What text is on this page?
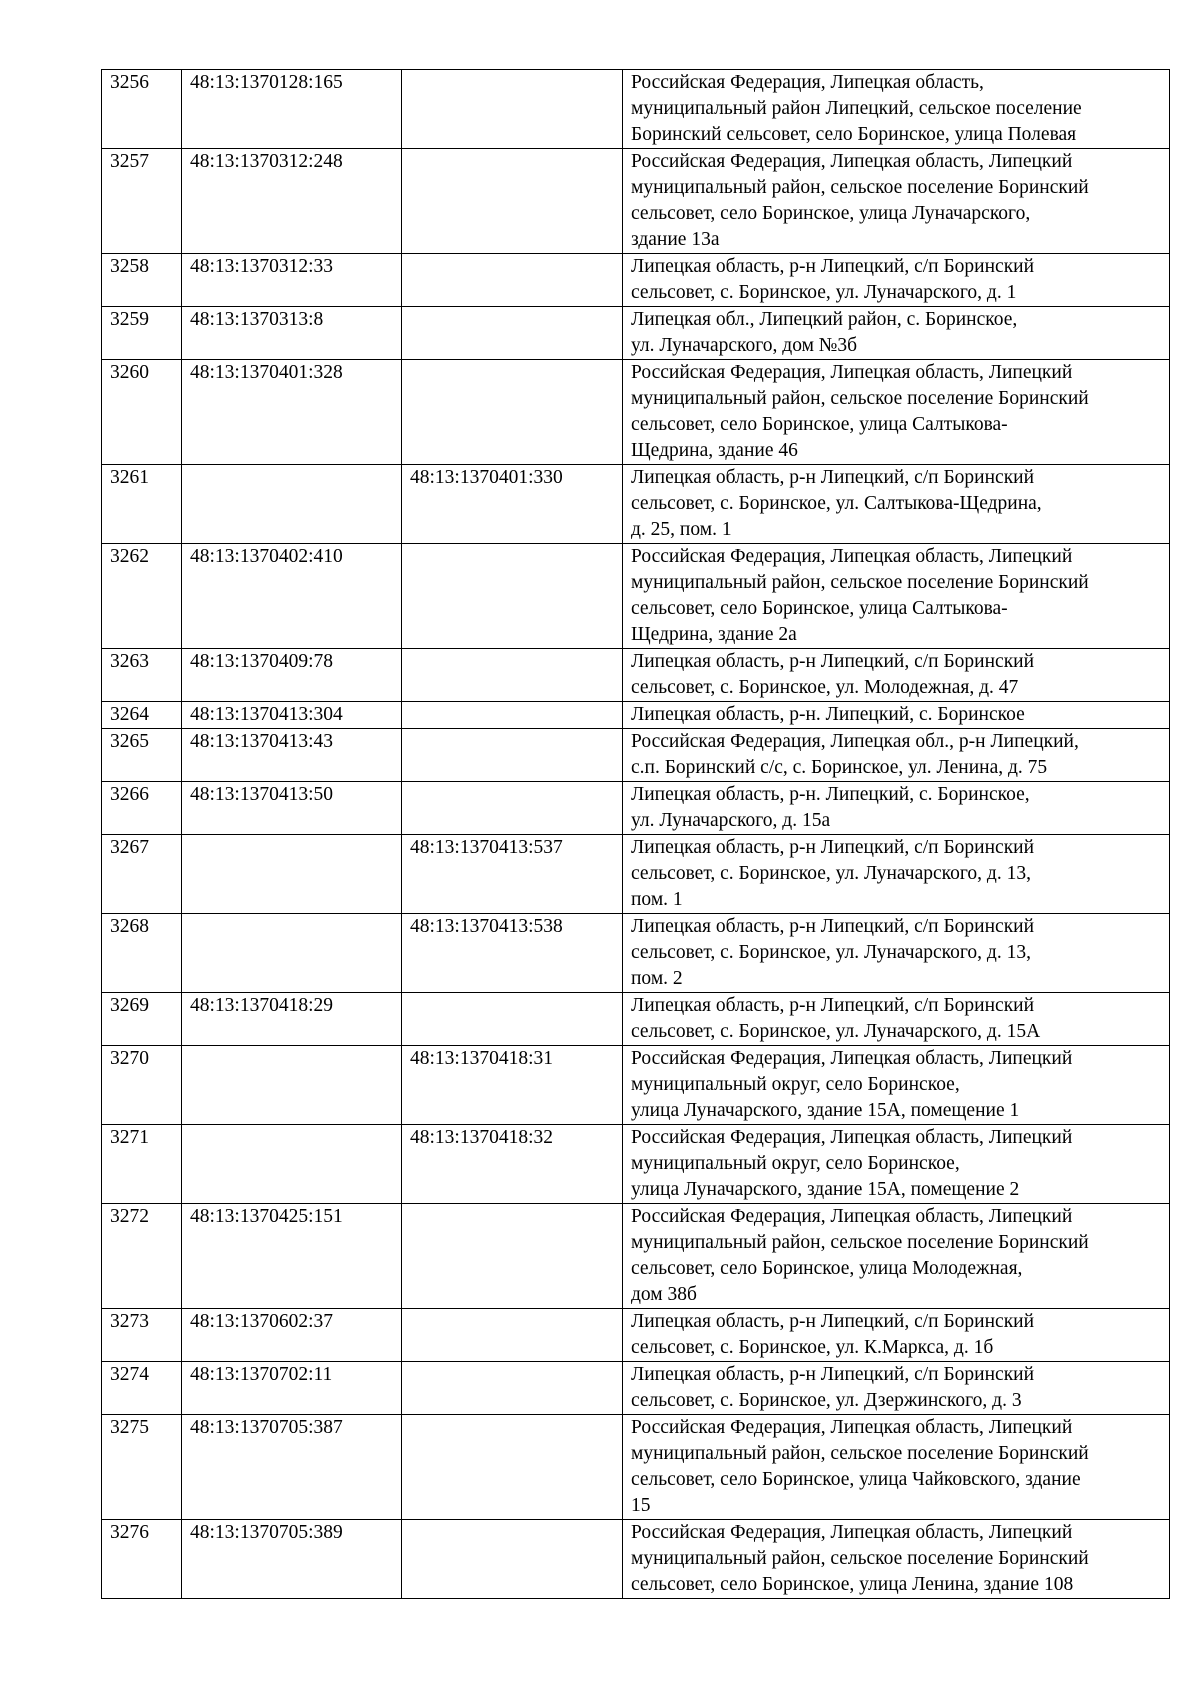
3256	48:13:1370128:165		Российская Федерация, Липецкая область,
муниципальный район Липецкий, сельское поселение
Боринский сельсовет, село Боринское, улица Полевая
3257	48:13:1370312:248		Российская Федерация, Липецкая область, Липецкий
муниципальный район, сельское поселение Боринский
сельсовет, село Боринское, улица Луначарского,
здание 13а
3258	48:13:1370312:33		Липецкая область, р-н Липецкий, с/п Боринский
сельсовет, с. Боринское, ул. Луначарского, д. 1
3259	48:13:1370313:8		Липецкая обл., Липецкий район, с. Боринское,
ул. Луначарского, дом №3б
3260	48:13:1370401:328		Российская Федерация, Липецкая область, Липецкий
муниципальный район, сельское поселение Боринский
сельсовет, село Боринское, улица Салтыкова-
Щедрина, здание 46
3261		48:13:1370401:330	Липецкая область, р-н Липецкий, с/п Боринский
сельсовет, с. Боринское, ул. Салтыкова-Щедрина,
д. 25, пом. 1
3262	48:13:1370402:410		Российская Федерация, Липецкая область, Липецкий
муниципальный район, сельское поселение Боринский
сельсовет, село Боринское, улица Салтыкова-
Щедрина, здание 2а
3263	48:13:1370409:78		Липецкая область, р-н Липецкий, с/п Боринский
сельсовет, с. Боринское, ул. Молодежная, д. 47
3264	48:13:1370413:304		Липецкая область, р-н. Липецкий, с. Боринское
3265	48:13:1370413:43		Российская Федерация, Липецкая обл., р-н Липецкий,
с.п. Боринский с/с, с. Боринское, ул. Ленина, д. 75
3266	48:13:1370413:50		Липецкая область, р-н. Липецкий, с. Боринское,
ул. Луначарского, д. 15а
3267		48:13:1370413:537	Липецкая область, р-н Липецкий, с/п Боринский
сельсовет, с. Боринское, ул. Луначарского, д. 13,
пом. 1
3268		48:13:1370413:538	Липецкая область, р-н Липецкий, с/п Боринский
сельсовет, с. Боринское, ул. Луначарского, д. 13,
пом. 2
3269	48:13:1370418:29		Липецкая область, р-н Липецкий, с/п Боринский
сельсовет, с. Боринское, ул. Луначарского, д. 15А
3270		48:13:1370418:31	Российская Федерация, Липецкая область, Липецкий
муниципальный округ, село Боринское,
улица Луначарского, здание 15А, помещение 1
3271		48:13:1370418:32	Российская Федерация, Липецкая область, Липецкий
муниципальный округ, село Боринское,
улица Луначарского, здание 15А, помещение 2
3272	48:13:1370425:151		Российская Федерация, Липецкая область, Липецкий
муниципальный район, сельское поселение Боринский
сельсовет, село Боринское, улица Молодежная,
дом 38б
3273	48:13:1370602:37		Липецкая область, р-н Липецкий, с/п Боринский
сельсовет, с. Боринское, ул. К.Маркса, д. 1б
3274	48:13:1370702:11		Липецкая область, р-н Липецкий, с/п Боринский
сельсовет, с. Боринское, ул. Дзержинского, д. 3
3275	48:13:1370705:387		Российская Федерация, Липецкая область, Липецкий
муниципальный район, сельское поселение Боринский
сельсовет, село Боринское, улица Чайковского, здание
15
3276	48:13:1370705:389		Российская Федерация, Липецкая область, Липецкий
муниципальный район, сельское поселение Боринский
сельсовет, село Боринское, улица Ленина, здание 108
